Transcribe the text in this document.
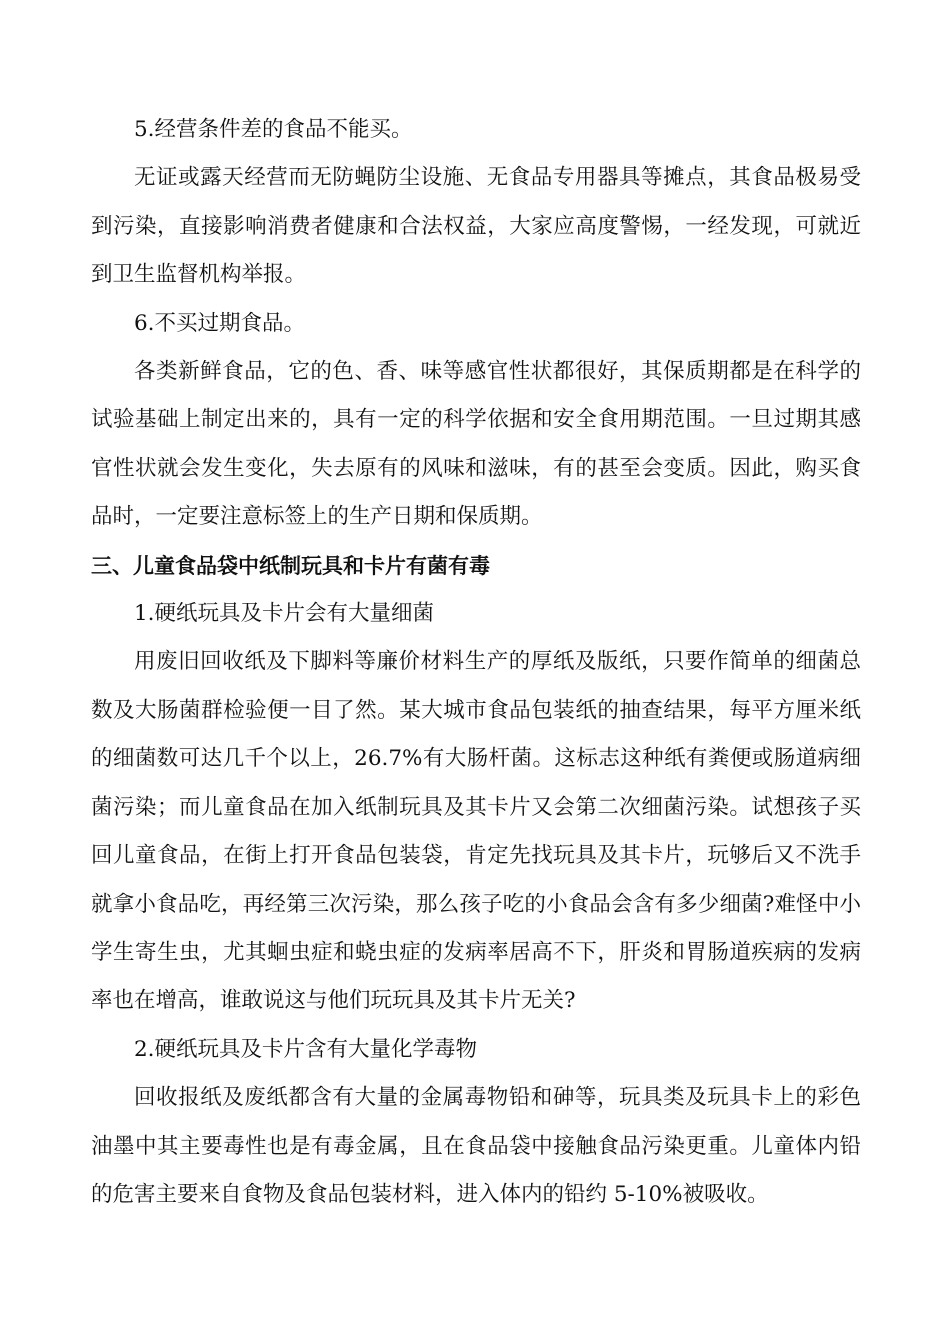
5.经营条件差的食品不能买。

无证或露天经营而无防蝇防尘设施、无食品专用器具等摊点，其食品极易受到污染，直接影响消费者健康和合法权益，大家应高度警惕，一经发现，可就近到卫生监督机构举报。

6.不买过期食品。

各类新鲜食品，它的色、香、味等感官性状都很好，其保质期都是在科学的试验基础上制定出来的，具有一定的科学依据和安全食用期范围。一旦过期其感官性状就会发生变化，失去原有的风味和滋味，有的甚至会变质。因此，购买食品时，一定要注意标签上的生产日期和保质期。

三、儿童食品袋中纸制玩具和卡片有菌有毒

1.硬纸玩具及卡片会有大量细菌

用废旧回收纸及下脚料等廉价材料生产的厚纸及版纸，只要作简单的细菌总数及大肠菌群检验便一目了然。某大城市食品包装纸的抽查结果，每平方厘米纸的细菌数可达几千个以上，26.7%有大肠杆菌。这标志这种纸有粪便或肠道病细菌污染；而儿童食品在加入纸制玩具及其卡片又会第二次细菌污染。试想孩子买回儿童食品，在街上打开食品包装袋，肯定先找玩具及其卡片，玩够后又不洗手就拿小食品吃，再经第三次污染，那么孩子吃的小食品会含有多少细菌?难怪中小学生寄生虫，尤其蛔虫症和蛲虫症的发病率居高不下，肝炎和胃肠道疾病的发病率也在增高，谁敢说这与他们玩玩具及其卡片无关?

2.硬纸玩具及卡片含有大量化学毒物

回收报纸及废纸都含有大量的金属毒物铅和砷等，玩具类及玩具卡上的彩色油墨中其主要毒性也是有毒金属，且在食品袋中接触食品污染更重。儿童体内铅的危害主要来自食物及食品包装材料，进入体内的铅约 5-10%被吸收。
